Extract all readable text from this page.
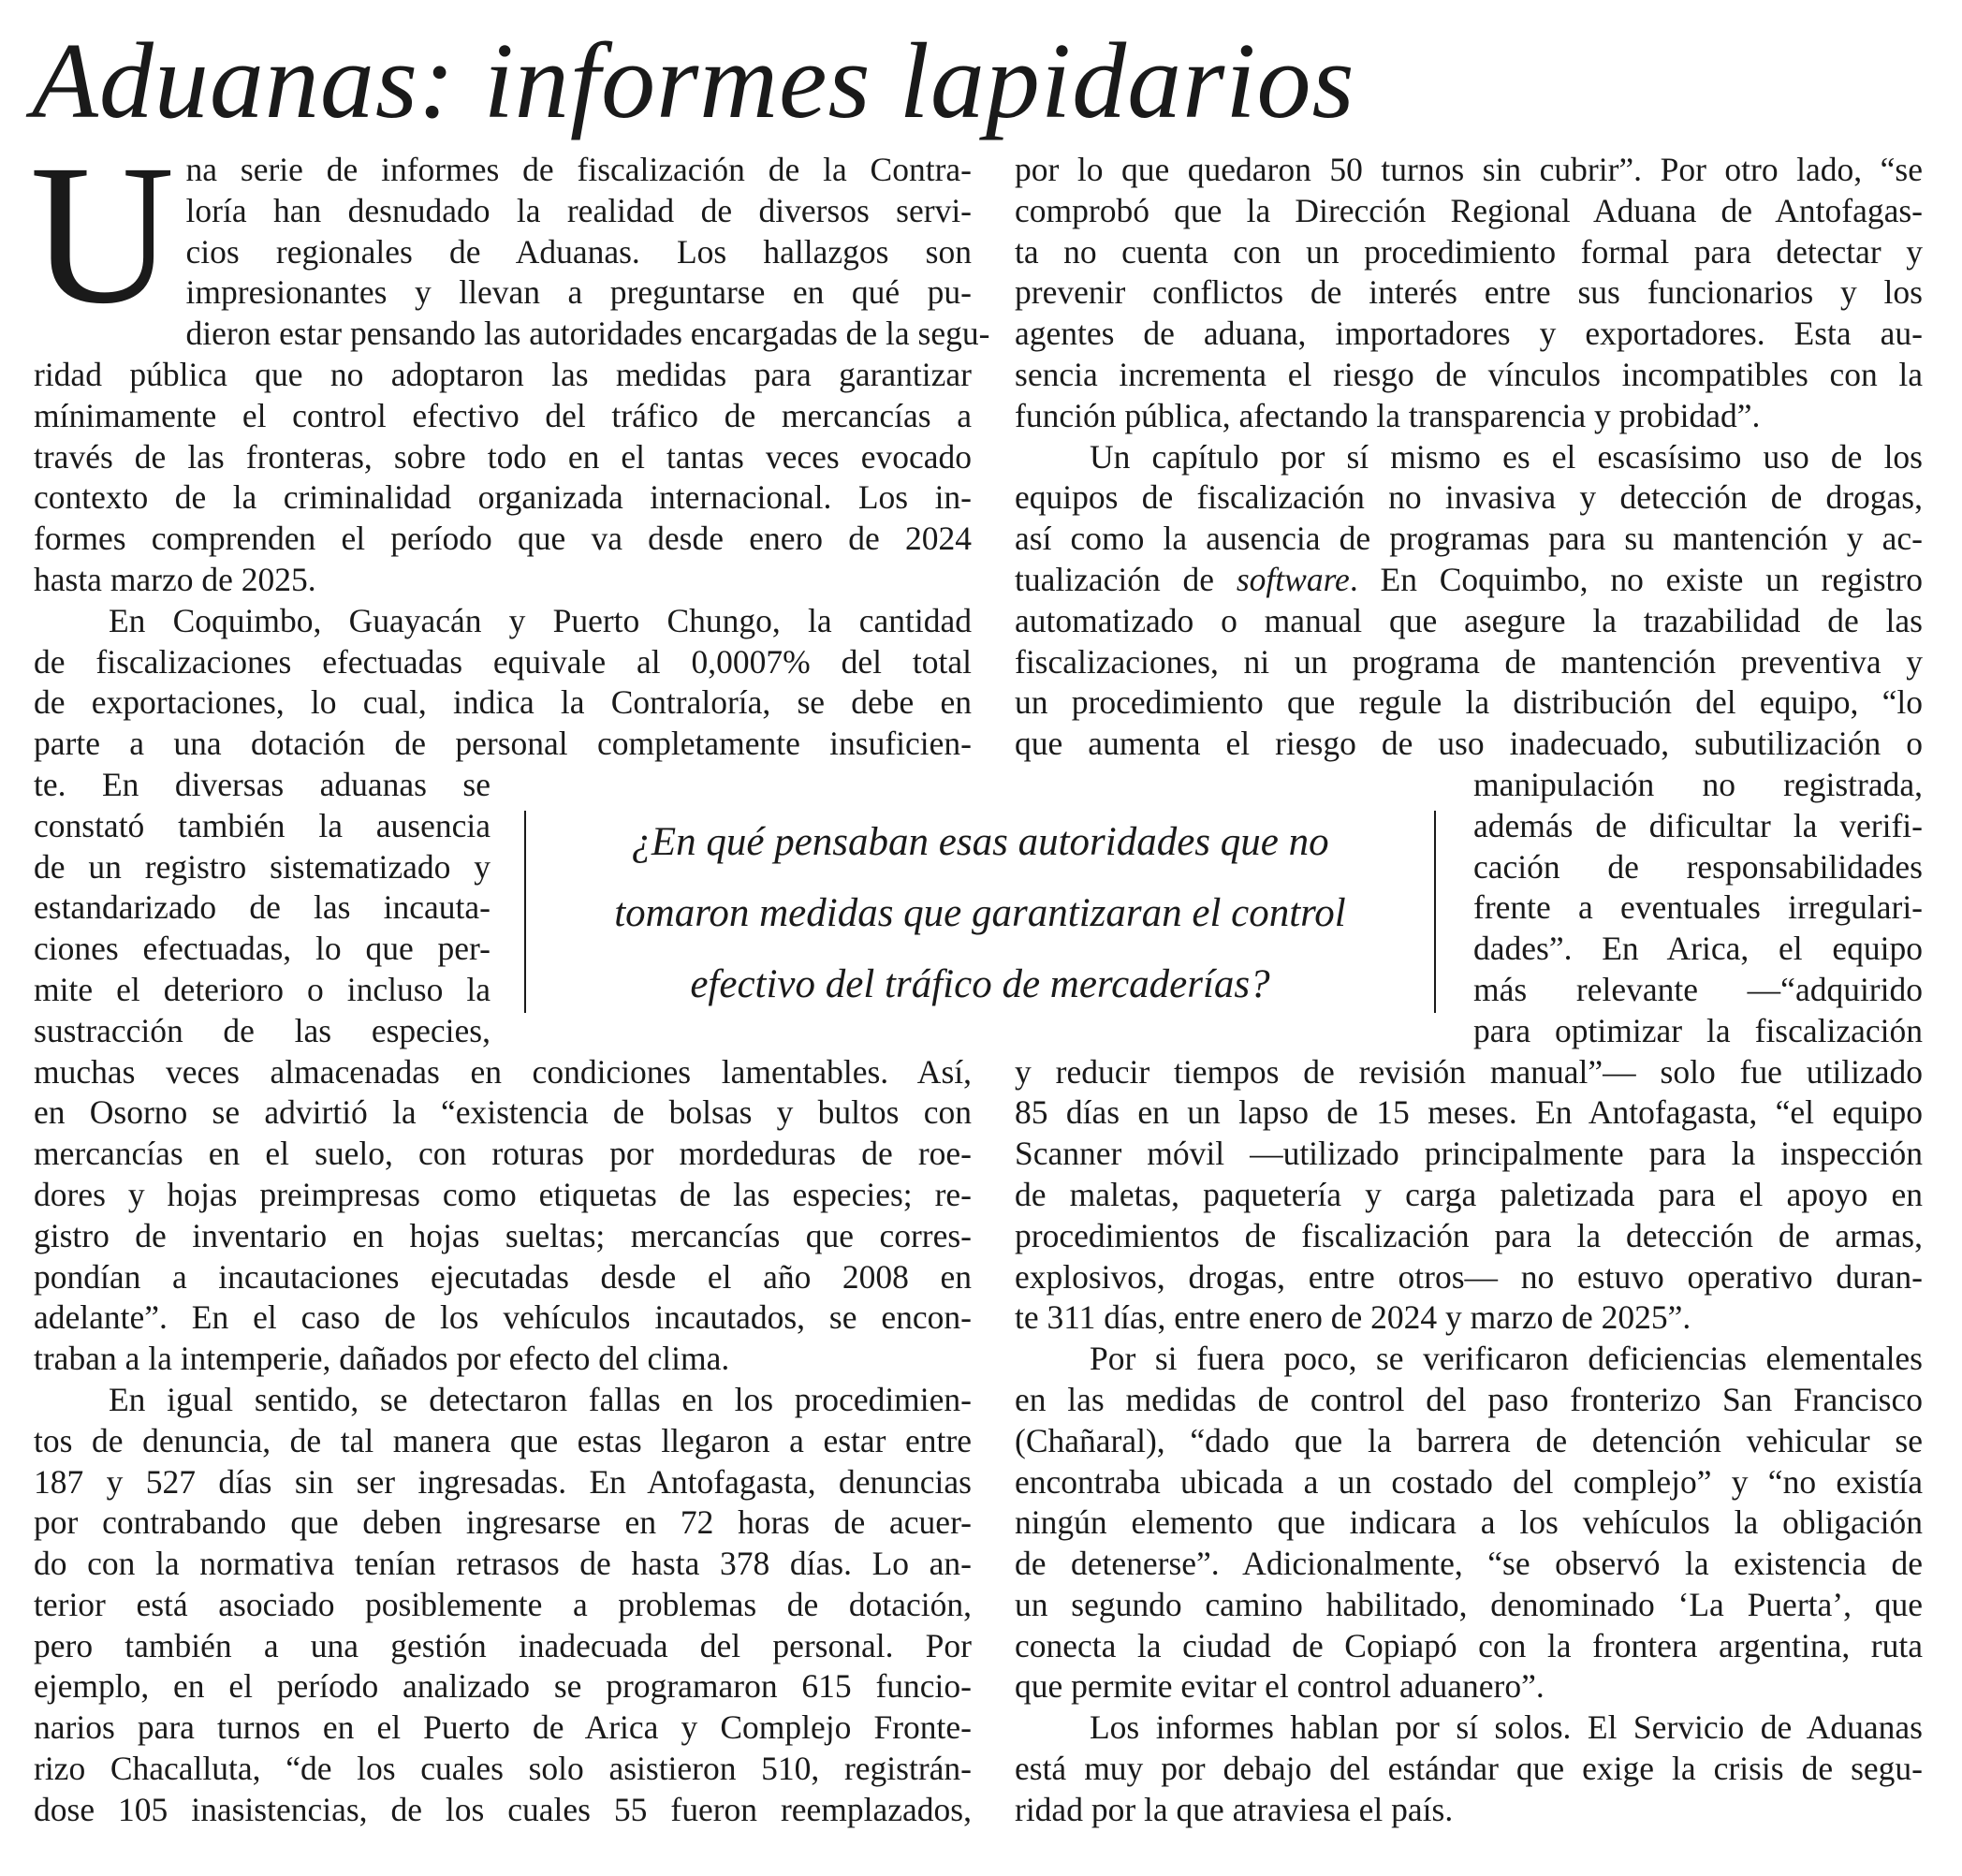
Aduanas: informes lapidarios

U na serie de informes de fiscalización de la Contra-
loría han desnudado la realidad de diversos servi-
cios regionales de Aduanas. Los hallazgos son
impresionantes y llevan a preguntarse en qué pu-
dieron estar pensando las autoridades encargadas de la segu-
ridad pública que no adoptaron las medidas para garantizar
mínimamente el control efectivo del tráfico de mercancías a
través de las fronteras, sobre todo en el tantas veces evocado
contexto de la criminalidad organizada internacional. Los in-
formes comprenden el período que va desde enero de 2024
hasta marzo de 2025.

En Coquimbo, Guayacán y Puerto Chungo, la cantidad
de fiscalizaciones efectuadas equivale al 0,0007% del total
de exportaciones, lo cual, indica la Contraloría, se debe en
parte a una dotación de personal completamente insuficien-
te. En diversas aduanas se
constató también la ausencia
de un registro sistematizado y
estandarizado de las incauta-
ciones efectuadas, lo que per-
mite el deterioro o incluso la
sustracción de las especies,
muchas veces almacenadas en condiciones lamentables. Así,
en Osorno se advirtió la “existencia de bolsas y bultos con
mercancías en el suelo, con roturas por mordeduras de roe-
dores y hojas preimpresas como etiquetas de las especies; re-
gistro de inventario en hojas sueltas; mercancías que corres-
pondían a incautaciones ejecutadas desde el año 2008 en
adelante”. En el caso de los vehículos incautados, se encon-
traban a la intemperie, dañados por efecto del clima.

En igual sentido, se detectaron fallas en los procedimien-
tos de denuncia, de tal manera que estas llegaron a estar entre
187 y 527 días sin ser ingresadas. En Antofagasta, denuncias
por contrabando que deben ingresarse en 72 horas de acuer-
do con la normativa tenían retrasos de hasta 378 días. Lo an-
terior está asociado posiblemente a problemas de dotación,
pero también a una gestión inadecuada del personal. Por
ejemplo, en el período analizado se programaron 615 funcio-
narios para turnos en el Puerto de Arica y Complejo Fronte-
rizo Chacalluta, “de los cuales solo asistieron 510, registrán-
dose 105 inasistencias, de los cuales 55 fueron reemplazados,

por lo que quedaron 50 turnos sin cubrir”. Por otro lado, “se
comprobó que la Dirección Regional Aduana de Antofagas-
ta no cuenta con un procedimiento formal para detectar y
prevenir conflictos de interés entre sus funcionarios y los
agentes de aduana, importadores y exportadores. Esta au-
sencia incrementa el riesgo de vínculos incompatibles con la
función pública, afectando la transparencia y probidad”.

Un capítulo por sí mismo es el escasísimo uso de los
equipos de fiscalización no invasiva y detección de drogas,
así como la ausencia de programas para su mantención y ac-
tualización de software. En Coquimbo, no existe un registro
automatizado o manual que asegure la trazabilidad de las
fiscalizaciones, ni un programa de mantención preventiva y
un procedimiento que regule la distribución del equipo, “lo
que aumenta el riesgo de uso inadecuado, subutilización o
manipulación no registrada,
además de dificultar la verifi-
cación de responsabilidades
frente a eventuales irregulari-
dades”. En Arica, el equipo
más relevante —“adquirido
para optimizar la fiscalización
y reducir tiempos de revisión manual”— solo fue utilizado
85 días en un lapso de 15 meses. En Antofagasta, “el equipo
Scanner móvil —utilizado principalmente para la inspección
de maletas, paquetería y carga paletizada para el apoyo en
procedimientos de fiscalización para la detección de armas,
explosivos, drogas, entre otros— no estuvo operativo duran-
te 311 días, entre enero de 2024 y marzo de 2025”.

Por si fuera poco, se verificaron deficiencias elementales
en las medidas de control del paso fronterizo San Francisco
(Chañaral), “dado que la barrera de detención vehicular se
encontraba ubicada a un costado del complejo” y “no existía
ningún elemento que indicara a los vehículos la obligación
de detenerse”. Adicionalmente, “se observó la existencia de
un segundo camino habilitado, denominado ‘La Puerta’, que
conecta la ciudad de Copiapó con la frontera argentina, ruta
que permite evitar el control aduanero”.

Los informes hablan por sí solos. El Servicio de Aduanas
está muy por debajo del estándar que exige la crisis de segu-
ridad por la que atraviesa el país.

¿En qué pensaban esas autoridades que no
tomaron medidas que garantizaran el control
efectivo del tráfico de mercaderías?
